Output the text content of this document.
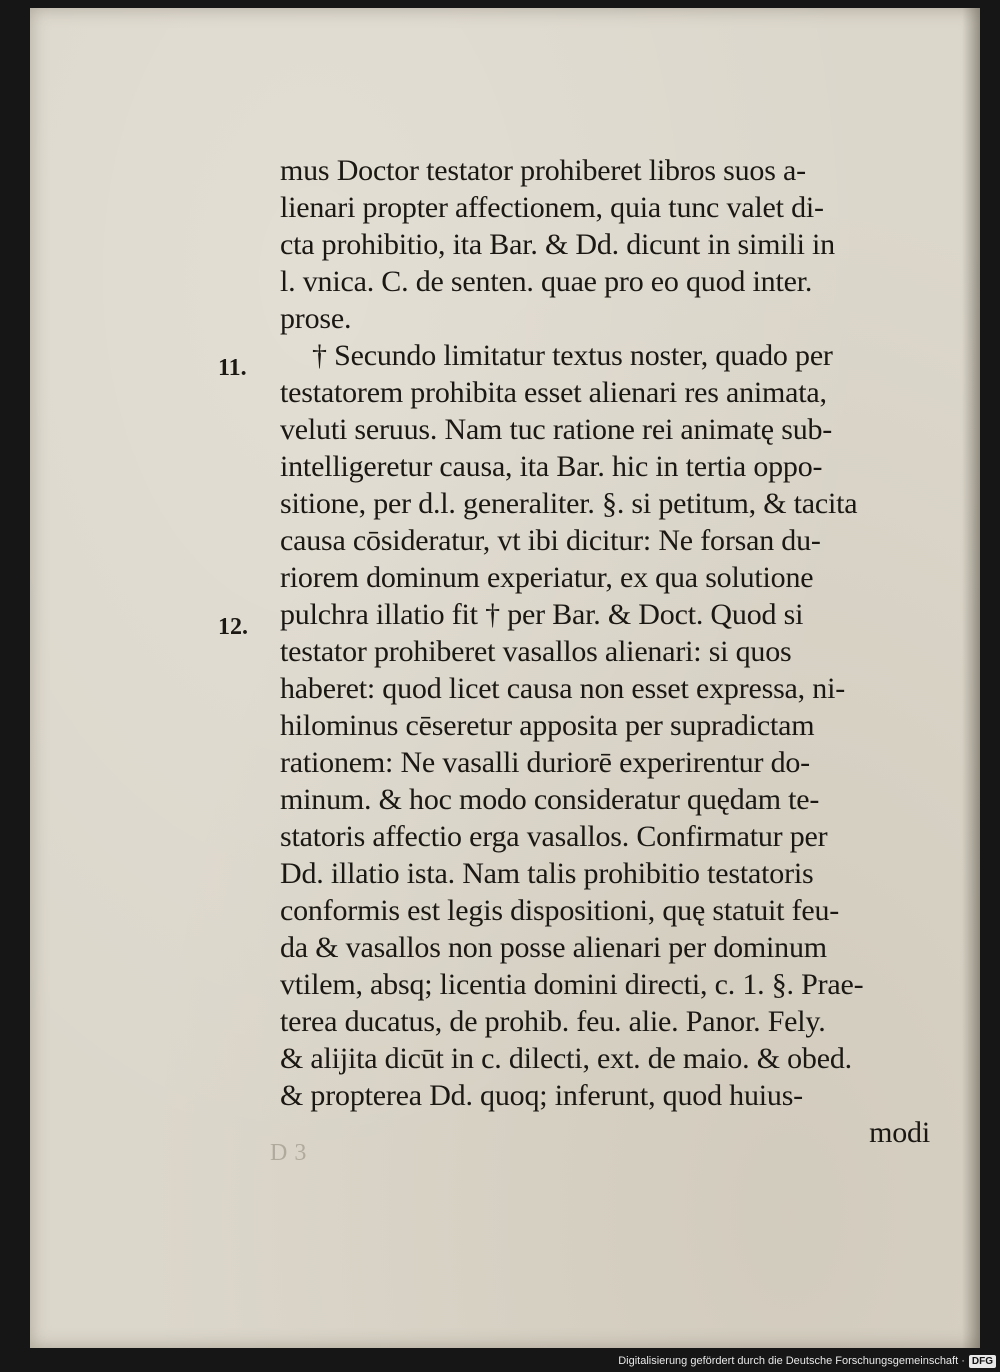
11.
12.
mus Doctor testator prohiberet libros suos a-
lienari propter affectionem, quia tunc valet di-
cta prohibitio, ita Bar. & Dd. dicunt in simili in
l. vnica. C. de senten. quae pro eo quod inter.
prose.
† Secundo limitatur textus noster, quado per
testatorem prohibita esset alienari res animata,
veluti seruus. Nam tuc ratione rei animatę sub-
intelligeretur causa, ita Bar. hic in tertia oppo-
sitione, per d.l. generaliter. §. si petitum, & tacita
causa cōsideratur, vt ibi dicitur: Ne forsan du-
riorem dominum experiatur, ex qua solutione
pulchra illatio fit † per Bar. & Doct. Quod si
testator prohiberet vasallos alienari: si quos
haberet: quod licet causa non esset expressa, ni-
hilominus cēseretur apposita per supradictam
rationem: Ne vasalli duriorē experirentur do-
minum. & hoc modo consideratur quędam te-
statoris affectio erga vasallos. Confirmatur per
Dd. illatio ista. Nam talis prohibitio testatoris
conformis est legis dispositioni, quę statuit feu-
da & vasallos non posse alienari per dominum
vtilem, absq; licentia domini directi, c. 1. §. Prae-
terea ducatus, de prohib. feu. alie. Panor. Fely.
& alijita dicūt in c. dilecti, ext. de maio. & obed.
& propterea Dd. quoq; inferunt, quod huius-
modi
D 3
Digitalisierung gefördert durch die Deutsche Forschungsgemeinschaft · DFG
